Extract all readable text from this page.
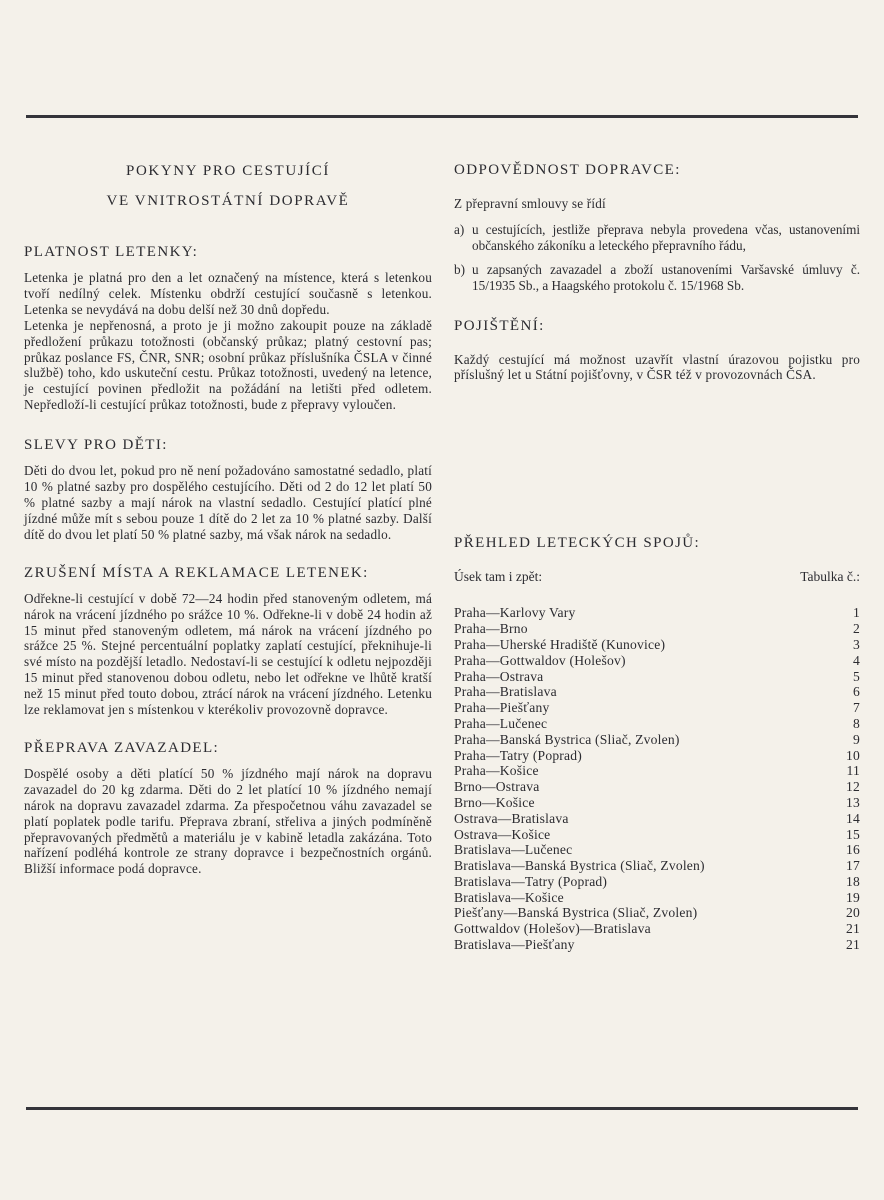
POKYNY PRO CESTUJÍCÍ
VE VNITROSTÁTNÍ DOPRAVĚ
PLATNOST LETENKY:

Letenka je platná pro den a let označený na místence, která s letenkou tvoří nedílný celek. Místenku obdrží cestující současně s letenkou. Letenka se nevydává na dobu delší než 30 dnů dopředu.

Letenka je nepřenosná, a proto je ji možno zakoupit pouze na základě předložení průkazu totožnosti (občanský průkaz; platný cestovní pas; průkaz poslance FS, ČNR, SNR; osobní průkaz příslušníka ČSLA v činné službě) toho, kdo uskuteční cestu. Průkaz totožnosti, uvedený na letence, je cestující povinen předložit na požádání na letišti před odletem. Nepředloží-li cestující průkaz totožnosti, bude z přepravy vyloučen.

SLEVY PRO DĚTI:

Děti do dvou let, pokud pro ně není požadováno samostatné sedadlo, platí 10 % platné sazby pro dospělého cestujícího. Děti od 2 do 12 let platí 50 % platné sazby a mají nárok na vlastní sedadlo. Cestující platící plné jízdné může mít s sebou pouze 1 dítě do 2 let za 10 % platné sazby. Další dítě do dvou let platí 50 % platné sazby, má však nárok na sedadlo.

ZRUŠENÍ MÍSTA A REKLAMACE LETENEK:

Odřekne-li cestující v době 72—24 hodin před stanoveným odletem, má nárok na vrácení jízdného po srážce 10 %. Odřekne-li v době 24 hodin až 15 minut před stanoveným odletem, má nárok na vrácení jízdného po srážce 25 %. Stejné percentuální poplatky zaplatí cestující, překnihuje-li své místo na pozdější letadlo. Nedostaví-li se cestující k odletu nejpozději 15 minut před stanovenou dobou odletu, nebo let odřekne ve lhůtě kratší než 15 minut před touto dobou, ztrácí nárok na vrácení jízdného. Letenku lze reklamovat jen s místenkou v kterékoliv provozovně dopravce.

PŘEPRAVA ZAVAZADEL:

Dospělé osoby a děti platící 50 % jízdného mají nárok na dopravu zavazadel do 20 kg zdarma. Děti do 2 let platící 10 % jízdného nemají nárok na dopravu zavazadel zdarma. Za přespočetnou váhu zavazadel se platí poplatek podle tarifu. Přeprava zbraní, střeliva a jiných podmíněně přepravovaných předmětů a materiálu je v kabině letadla zakázána. Toto nařízení podléhá kontrole ze strany dopravce i bezpečnostních orgánů. Bližší informace podá dopravce.

ODPOVĚDNOST DOPRAVCE:

Z přepravní smlouvy se řídí

a) u cestujících, jestliže přeprava nebyla provedena včas, ustanoveními občanského zákoníku a leteckého přepravního řádu,
b) u zapsaných zavazadel a zboží ustanoveními Varšavské úmluvy č. 15/1935 Sb., a Haagského protokolu č. 15/1968 Sb.
POJIŠTĚNÍ:

Každý cestující má možnost uzavřít vlastní úrazovou pojistku pro příslušný let u Státní pojišťovny, v ČSR též v provozovnách ČSA.

PŘEHLED LETECKÝCH SPOJŮ:
Úsek tam i zpět:	Tabulka č.:
Praha—Karlovy Vary	1
Praha—Brno	2
Praha—Uherské Hradiště (Kunovice)	3
Praha—Gottwaldov (Holešov)	4
Praha—Ostrava	5
Praha—Bratislava	6
Praha—Piešťany	7
Praha—Lučenec	8
Praha—Banská Bystrica (Sliač, Zvolen)	9
Praha—Tatry (Poprad)	10
Praha—Košice	11
Brno—Ostrava	12
Brno—Košice	13
Ostrava—Bratislava	14
Ostrava—Košice	15
Bratislava—Lučenec	16
Bratislava—Banská Bystrica (Sliač, Zvolen)	17
Bratislava—Tatry (Poprad)	18
Bratislava—Košice	19
Piešťany—Banská Bystrica (Sliač, Zvolen)	20
Gottwaldov (Holešov)—Bratislava	21
Bratislava—Piešťany	21
